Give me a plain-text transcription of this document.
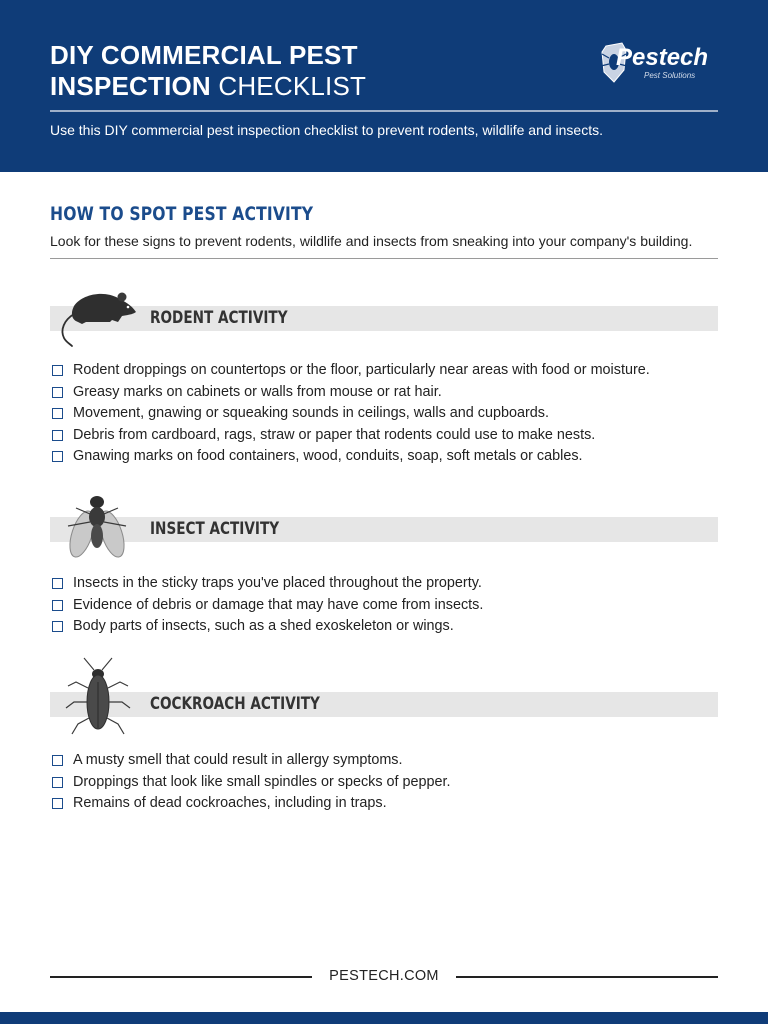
DIY COMMERCIAL PEST
INSPECTION CHECKLIST
Pestech
Pest Solutions
Use this DIY commercial pest inspection checklist to prevent rodents, wildlife and insects.
HOW TO SPOT PEST ACTIVITY
Look for these signs to prevent rodents, wildlife and insects from sneaking into your company's building.
RODENT ACTIVITY
Rodent droppings on countertops or the floor, particularly near areas with food or moisture.
Greasy marks on cabinets or walls from mouse or rat hair.
Movement, gnawing or squeaking sounds in ceilings, walls and cupboards.
Debris from cardboard, rags, straw or paper that rodents could use to make nests.
Gnawing marks on food containers, wood, conduits, soap, soft metals or cables.
INSECT ACTIVITY
Insects in the sticky traps you've placed throughout the property.
Evidence of debris or damage that may have come from insects.
Body parts of insects, such as a shed exoskeleton or wings.
COCKROACH ACTIVITY
A musty smell that could result in allergy symptoms.
Droppings that look like small spindles or specks of pepper.
Remains of dead cockroaches, including in traps.
PESTECH.COM
